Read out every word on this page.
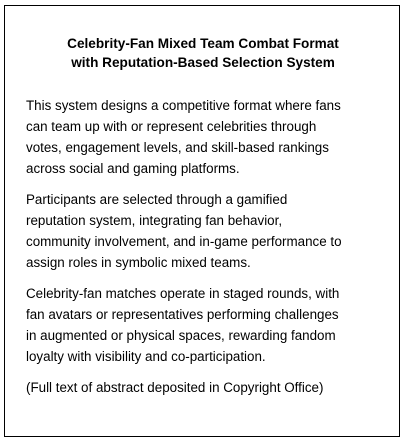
Celebrity-Fan Mixed Team Combat Format
with Reputation-Based Selection System

This system designs a competitive format where fans
can team up with or represent celebrities through
votes, engagement levels, and skill-based rankings
across social and gaming platforms.

Participants are selected through a gamified
reputation system, integrating fan behavior,
community involvement, and in-game performance to
assign roles in symbolic mixed teams.

Celebrity-fan matches operate in staged rounds, with
fan avatars or representatives performing challenges
in augmented or physical spaces, rewarding fandom
loyalty with visibility and co-participation.

(Full text of abstract deposited in Copyright Office)
